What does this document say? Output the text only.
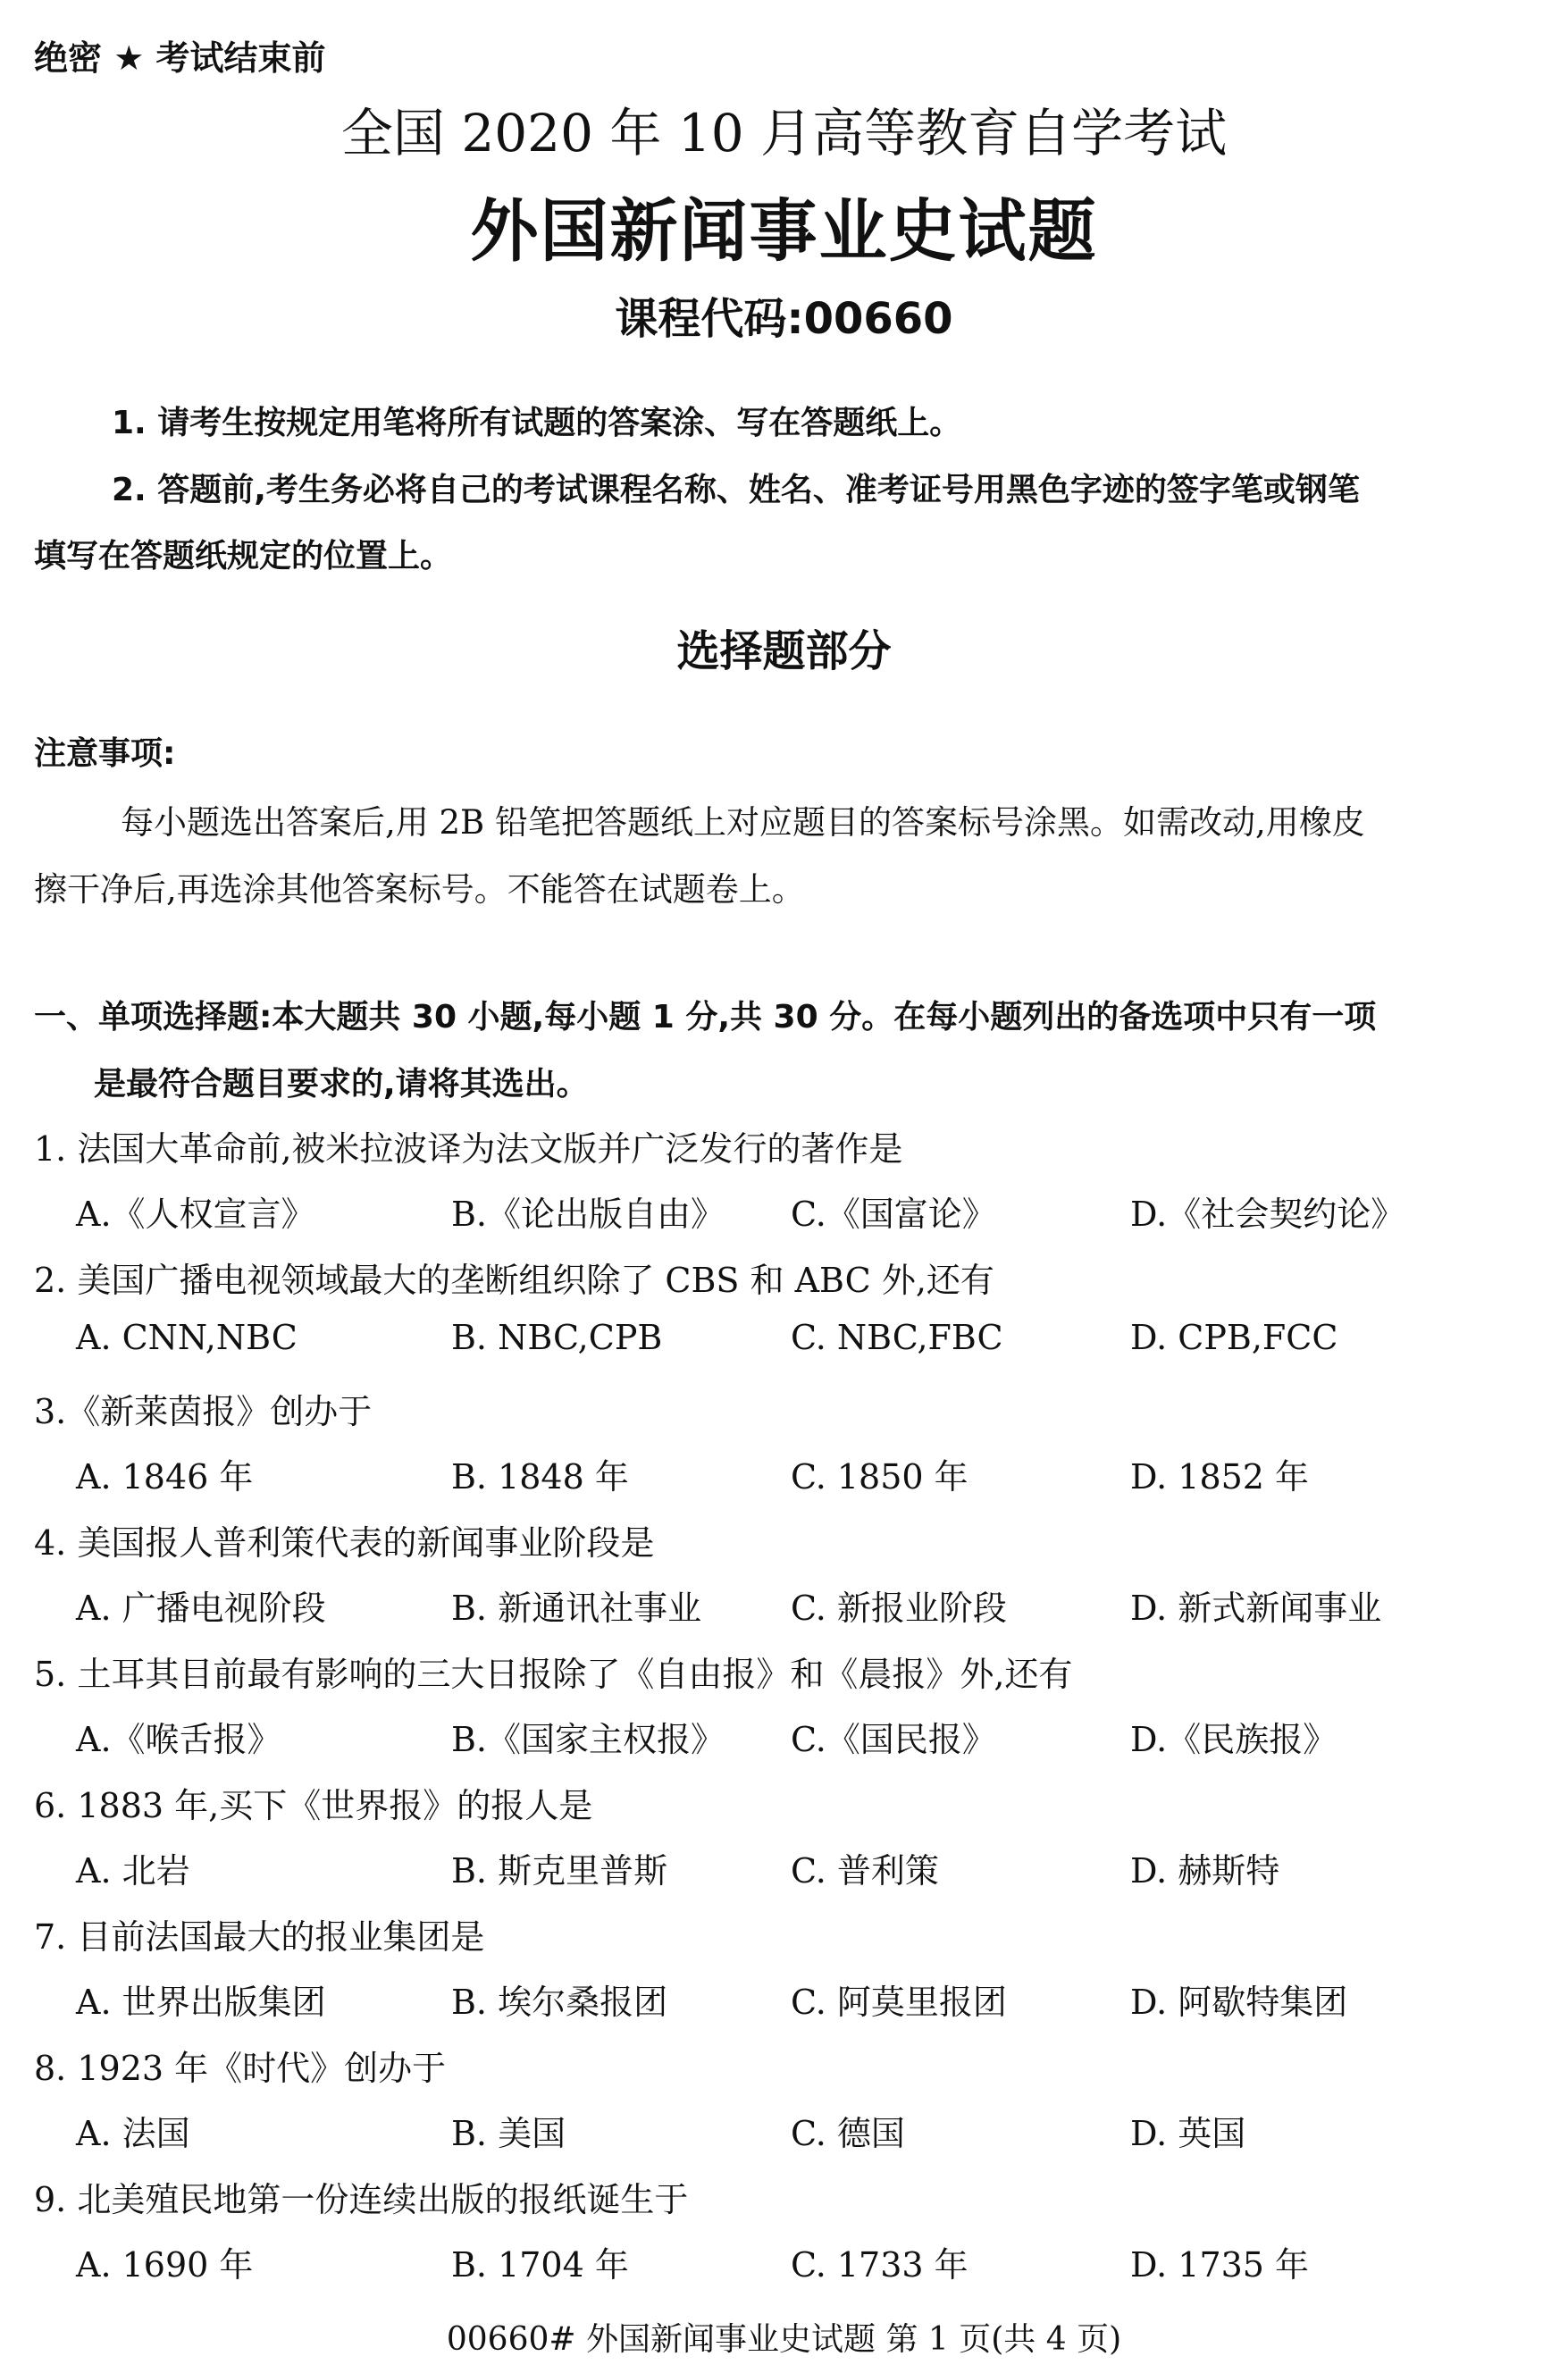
绝密 ★ 考试结束前
全国 2020 年 10 月高等教育自学考试
外国新闻事业史试题
课程代码:00660
1. 请考生按规定用笔将所有试题的答案涂、写在答题纸上。
2. 答题前,考生务必将自己的考试课程名称、姓名、准考证号用黑色字迹的签字笔或钢笔
填写在答题纸规定的位置上。
选择题部分
注意事项:
每小题选出答案后,用 2B 铅笔把答题纸上对应题目的答案标号涂黑。如需改动,用橡皮
擦干净后,再选涂其他答案标号。不能答在试题卷上。
一、单项选择题:本大题共 30 小题,每小题 1 分,共 30 分。在每小题列出的备选项中只有一项
是最符合题目要求的,请将其选出。
1. 法国大革命前,被米拉波译为法文版并广泛发行的著作是
A.《人权宣言》	B.《论出版自由》 C.《国富论》	D.《社会契约论》
2. 美国广播电视领域最大的垄断组织除了 CBS 和 ABC 外,还有
A. CNN,NBC	B. NBC,CPB	C. NBC,FBC	D. CPB,FCC
3.《新莱茵报》创办于
A. 1846 年	B. 1848 年	C. 1850 年	D. 1852 年
4. 美国报人普利策代表的新闻事业阶段是
A. 广播电视阶段	B. 新通讯社事业	C. 新报业阶段	D. 新式新闻事业
5. 土耳其目前最有影响的三大日报除了《自由报》和《晨报》外,还有
A.《喉舌报》	B.《国家主权报》 C.《国民报》	D.《民族报》
6. 1883 年,买下《世界报》的报人是
A. 北岩	B. 斯克里普斯	C. 普利策	D. 赫斯特
7. 目前法国最大的报业集团是
A. 世界出版集团	B. 埃尔桑报团	C. 阿莫里报团	D. 阿歇特集团
8. 1923 年《时代》创办于
A. 法国	B. 美国	C. 德国	D. 英国
9. 北美殖民地第一份连续出版的报纸诞生于
A. 1690 年	B. 1704 年	C. 1733 年	D. 1735 年
00660# 外国新闻事业史试题 第 1 页(共 4 页)
